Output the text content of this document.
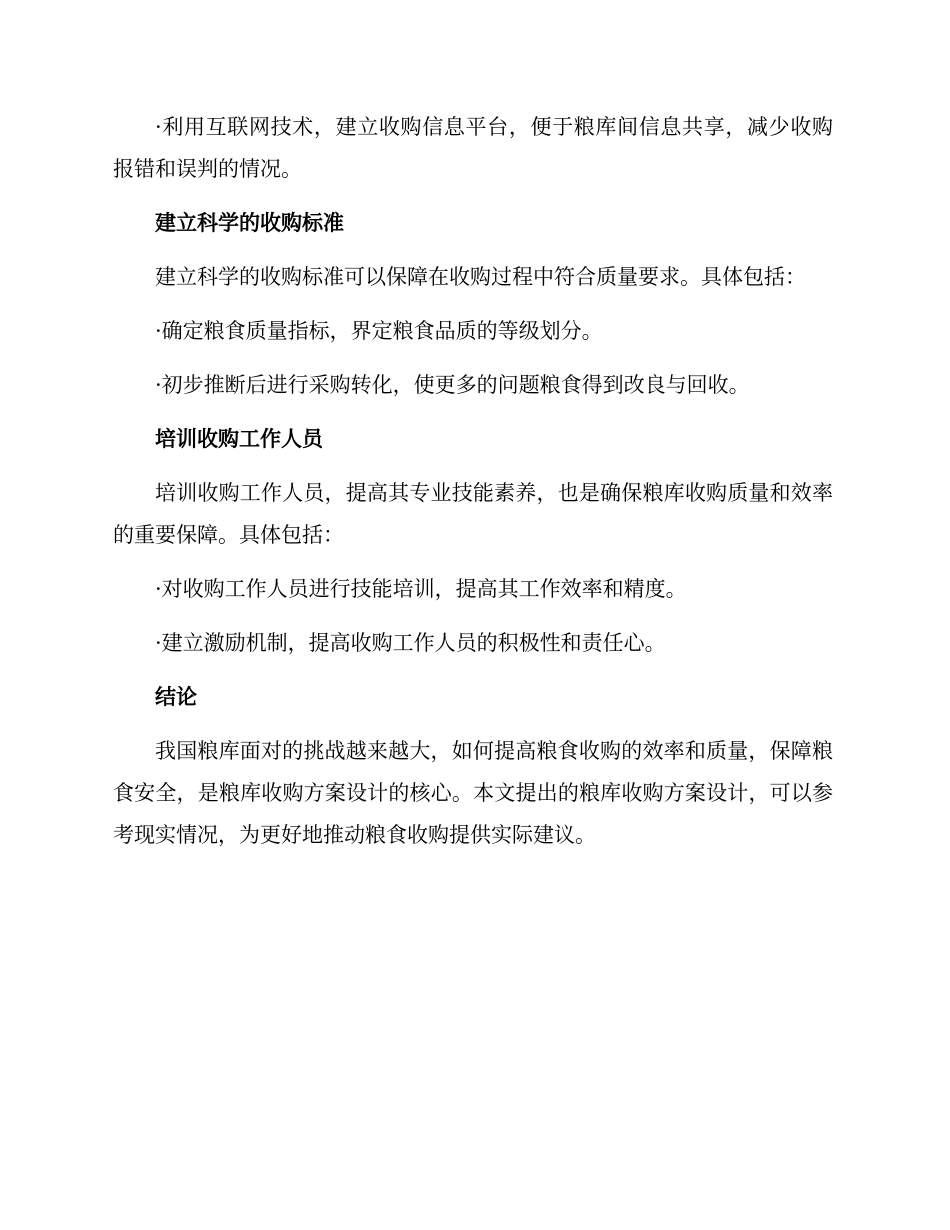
·利用互联网技术，建立收购信息平台，便于粮库间信息共享，减少收购报错和误判的情况。

建立科学的收购标准

建立科学的收购标准可以保障在收购过程中符合质量要求。具体包括：

·确定粮食质量指标，界定粮食品质的等级划分。

·初步推断后进行采购转化，使更多的问题粮食得到改良与回收。

培训收购工作人员

培训收购工作人员，提高其专业技能素养，也是确保粮库收购质量和效率的重要保障。具体包括：

·对收购工作人员进行技能培训，提高其工作效率和精度。

·建立激励机制，提高收购工作人员的积极性和责任心。

结论

我国粮库面对的挑战越来越大，如何提高粮食收购的效率和质量，保障粮食安全，是粮库收购方案设计的核心。本文提出的粮库收购方案设计，可以参考现实情况，为更好地推动粮食收购提供实际建议。
